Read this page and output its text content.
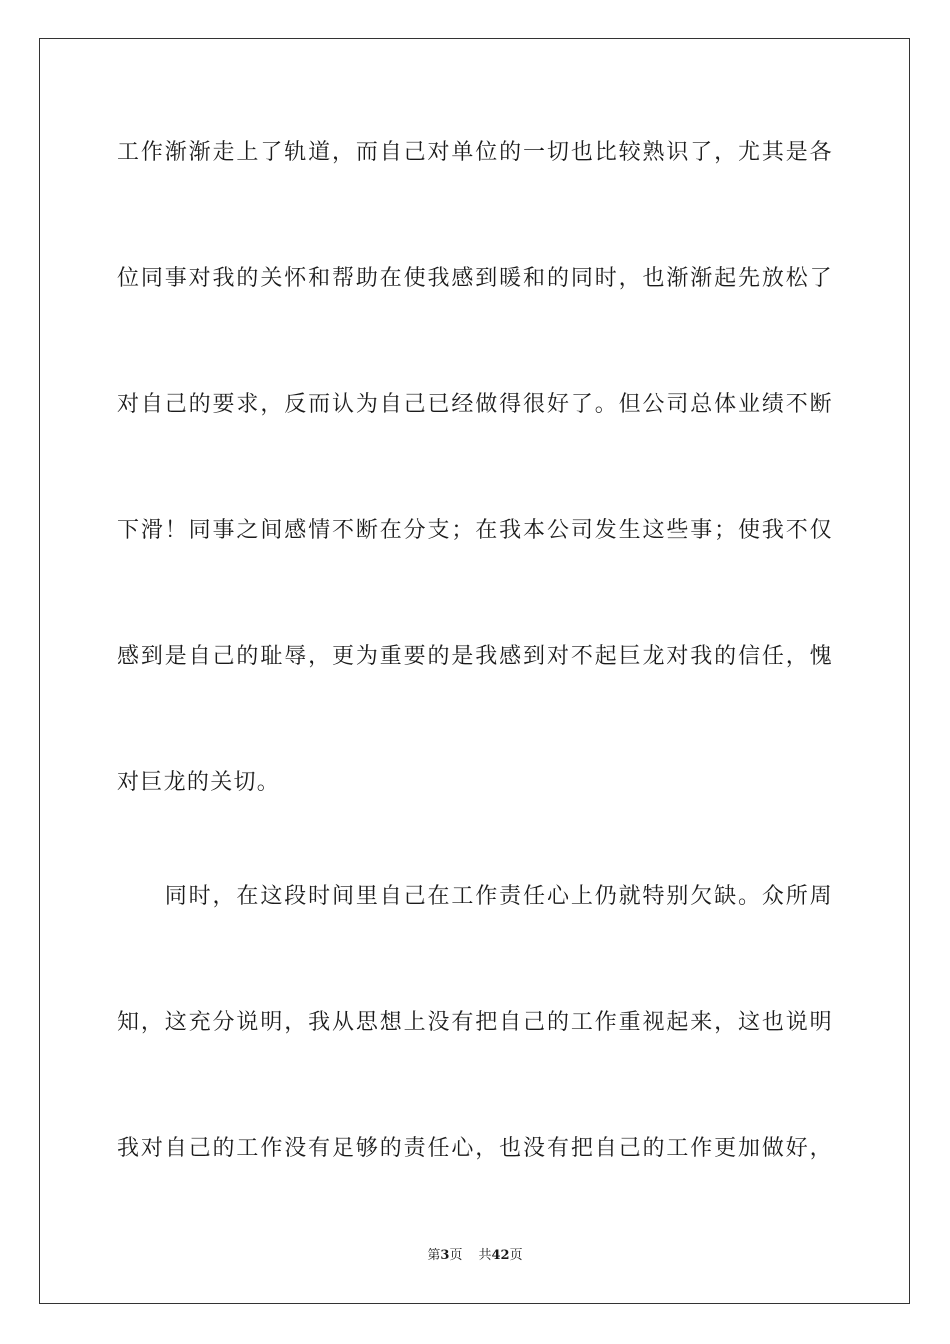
工作渐渐走上了轨道，而自己对单位的一切也比较熟识了，尤其是各
位同事对我的关怀和帮助在使我感到暖和的同时，也渐渐起先放松了
对自己的要求，反而认为自己已经做得很好了。但公司总体业绩不断
下滑！同事之间感情不断在分支；在我本公司发生这些事；使我不仅
感到是自己的耻辱，更为重要的是我感到对不起巨龙对我的信任，愧
对巨龙的关切。
　　同时，在这段时间里自己在工作责任心上仍就特别欠缺。众所周
知，这充分说明，我从思想上没有把自己的工作重视起来，这也说明
我对自己的工作没有足够的责任心，也没有把自己的工作更加做好，
第3页 共42页
